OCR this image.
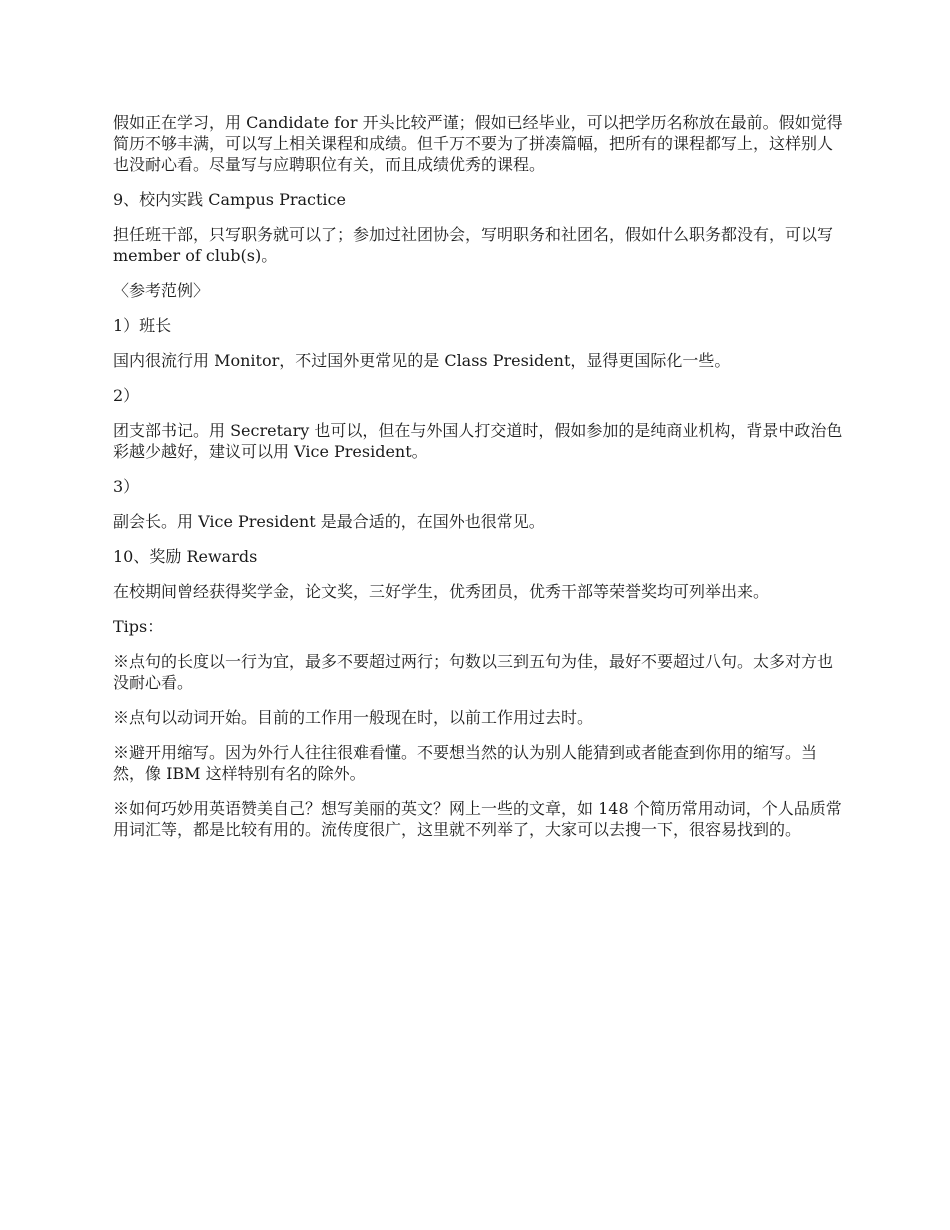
假如正在学习，用 Candidate for 开头比较严谨；假如已经毕业，可以把学历名称放在最前。假如觉得简历不够丰满，可以写上相关课程和成绩。但千万不要为了拼凑篇幅，把所有的课程都写上，这样别人也没耐心看。尽量写与应聘职位有关，而且成绩优秀的课程。

9、校内实践 Campus Practice

担任班干部，只写职务就可以了；参加过社团协会，写明职务和社团名，假如什么职务都没有，可以写 member of club(s)。

〈参考范例〉

1）班长

国内很流行用 Monitor，不过国外更常见的是 Class President，显得更国际化一些。

2）

团支部书记。用 Secretary 也可以，但在与外国人打交道时，假如参加的是纯商业机构，背景中政治色彩越少越好，建议可以用 Vice President。

3）

副会长。用 Vice President 是最合适的，在国外也很常见。

10、奖励 Rewards

在校期间曾经获得奖学金，论文奖，三好学生，优秀团员，优秀干部等荣誉奖均可列举出来。

Tips：

※点句的长度以一行为宜，最多不要超过两行；句数以三到五句为佳，最好不要超过八句。太多对方也没耐心看。

※点句以动词开始。目前的工作用一般现在时，以前工作用过去时。

※避开用缩写。因为外行人往往很难看懂。不要想当然的认为别人能猜到或者能查到你用的缩写。当然，像 IBM 这样特别有名的除外。

※如何巧妙用英语赞美自己？想写美丽的英文？网上一些的文章，如 148 个简历常用动词，个人品质常用词汇等，都是比较有用的。流传度很广，这里就不列举了，大家可以去搜一下，很容易找到的。
